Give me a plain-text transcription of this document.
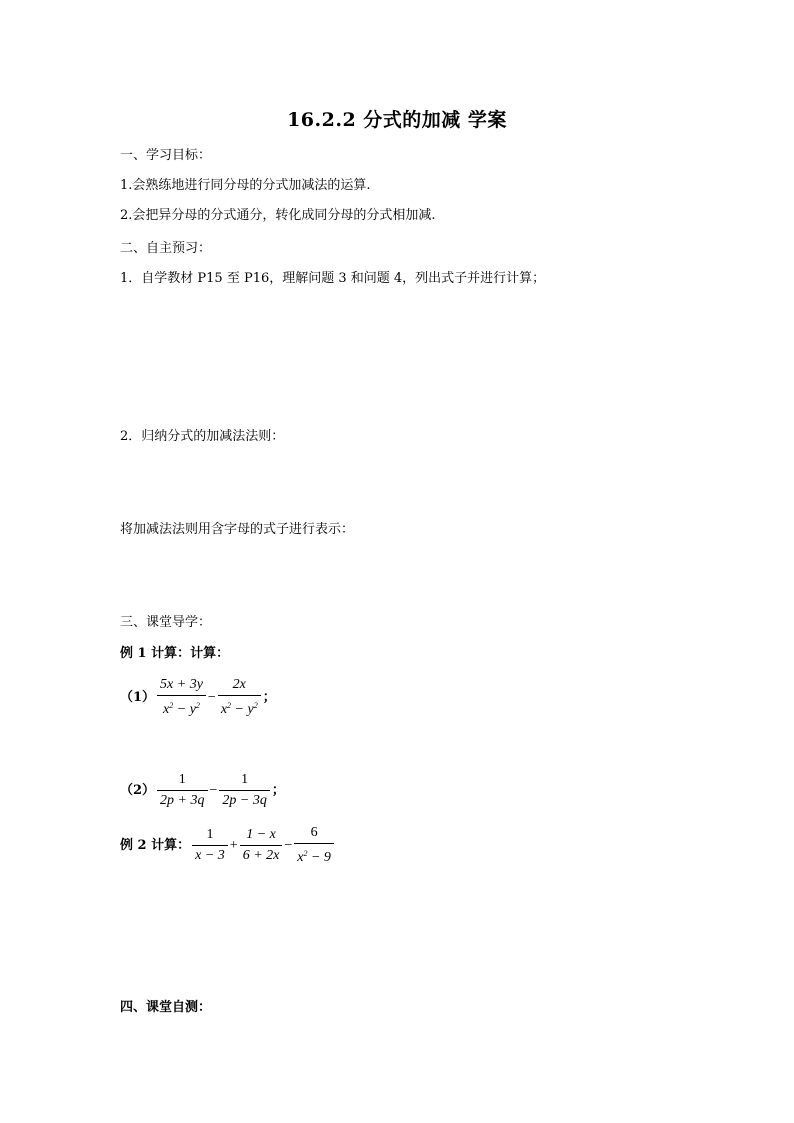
16.2.2 分式的加减 学案
一、学习目标：
1.会熟练地进行同分母的分式加减法的运算.
2.会把异分母的分式通分，转化成同分母的分式相加减.
二、自主预习：
1．自学教材 P15 至 P16，理解问题 3 和问题 4，列出式子并进行计算；
2．归纳分式的加减法法则：
将加减法法则用含字母的式子进行表示：
三、课堂导学：
例 1 计算：计算：
$(1) \frac{5x + 3y}{x^2 - y^2} - \frac{2x}{x^2 - y^2}$ ；
$(2) \frac{1}{2p + 3q} - \frac{1}{2p - 3q}$ ；
例 2 计算： $\frac{1}{x - 3} + \frac{1 - x}{6 + 2x} - \frac{6}{x^2 - 9}$
四、课堂自测：
